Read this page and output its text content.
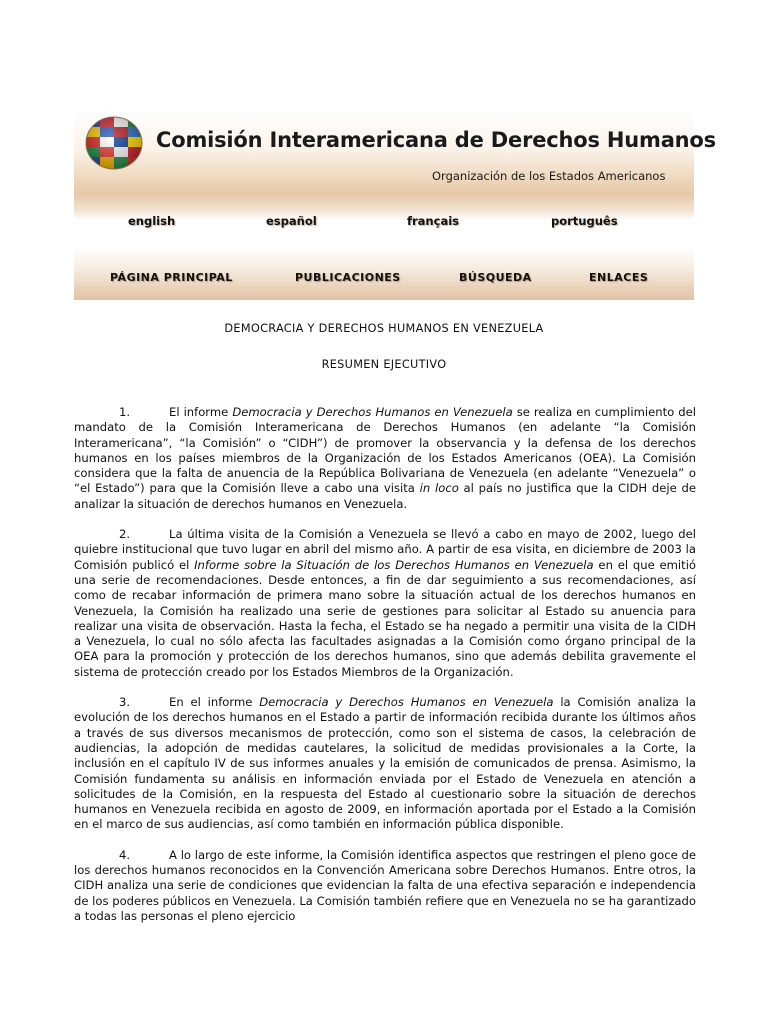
Comisión Interamericana de Derechos Humanos
Organización de los Estados Americanos
english	español	français	português
PÁGINA PRINCIPAL	PUBLICACIONES	BÚSQUEDA	ENLACES
DEMOCRACIA Y DERECHOS HUMANOS EN VENEZUELA
RESUMEN EJECUTIVO

1.	El informe Democracia y Derechos Humanos en Venezuela se realiza en cumplimiento del mandato de la Comisión Interamericana de Derechos Humanos (en adelante “la Comisión Interamericana”, “la Comisión” o “CIDH”) de promover la observancia y la defensa de los derechos humanos en los países miembros de la Organización de los Estados Americanos (OEA). La Comisión considera que la falta de anuencia de la República Bolivariana de Venezuela (en adelante “Venezuela” o “el Estado”) para que la Comisión lleve a cabo una visita in loco al país no justifica que la CIDH deje de analizar la situación de derechos humanos en Venezuela.

2.	La última visita de la Comisión a Venezuela se llevó a cabo en mayo de 2002, luego del quiebre institucional que tuvo lugar en abril del mismo año. A partir de esa visita, en diciembre de 2003 la Comisión publicó el Informe sobre la Situación de los Derechos Humanos en Venezuela en el que emitió una serie de recomendaciones. Desde entonces, a fin de dar seguimiento a sus recomendaciones, así como de recabar información de primera mano sobre la situación actual de los derechos humanos en Venezuela, la Comisión ha realizado una serie de gestiones para solicitar al Estado su anuencia para realizar una visita de observación. Hasta la fecha, el Estado se ha negado a permitir una visita de la CIDH a Venezuela, lo cual no sólo afecta las facultades asignadas a la Comisión como órgano principal de la OEA para la promoción y protección de los derechos humanos, sino que además debilita gravemente el sistema de protección creado por los Estados Miembros de la Organización.

3.	En el informe Democracia y Derechos Humanos en Venezuela la Comisión analiza la evolución de los derechos humanos en el Estado a partir de información recibida durante los últimos años a través de sus diversos mecanismos de protección, como son el sistema de casos, la celebración de audiencias, la adopción de medidas cautelares, la solicitud de medidas provisionales a la Corte, la inclusión en el capítulo IV de sus informes anuales y la emisión de comunicados de prensa. Asimismo, la Comisión fundamenta su análisis en información enviada por el Estado de Venezuela en atención a solicitudes de la Comisión, en la respuesta del Estado al cuestionario sobre la situación de derechos humanos en Venezuela recibida en agosto de 2009, en información aportada por el Estado a la Comisión en el marco de sus audiencias, así como también en información pública disponible.

4.	A lo largo de este informe, la Comisión identifica aspectos que restringen el pleno goce de los derechos humanos reconocidos en la Convención Americana sobre Derechos Humanos. Entre otros, la CIDH analiza una serie de condiciones que evidencian la falta de una efectiva separación e independencia de los poderes públicos en Venezuela. La Comisión también refiere que en Venezuela no se ha garantizado a todas las personas el pleno ejercicio
